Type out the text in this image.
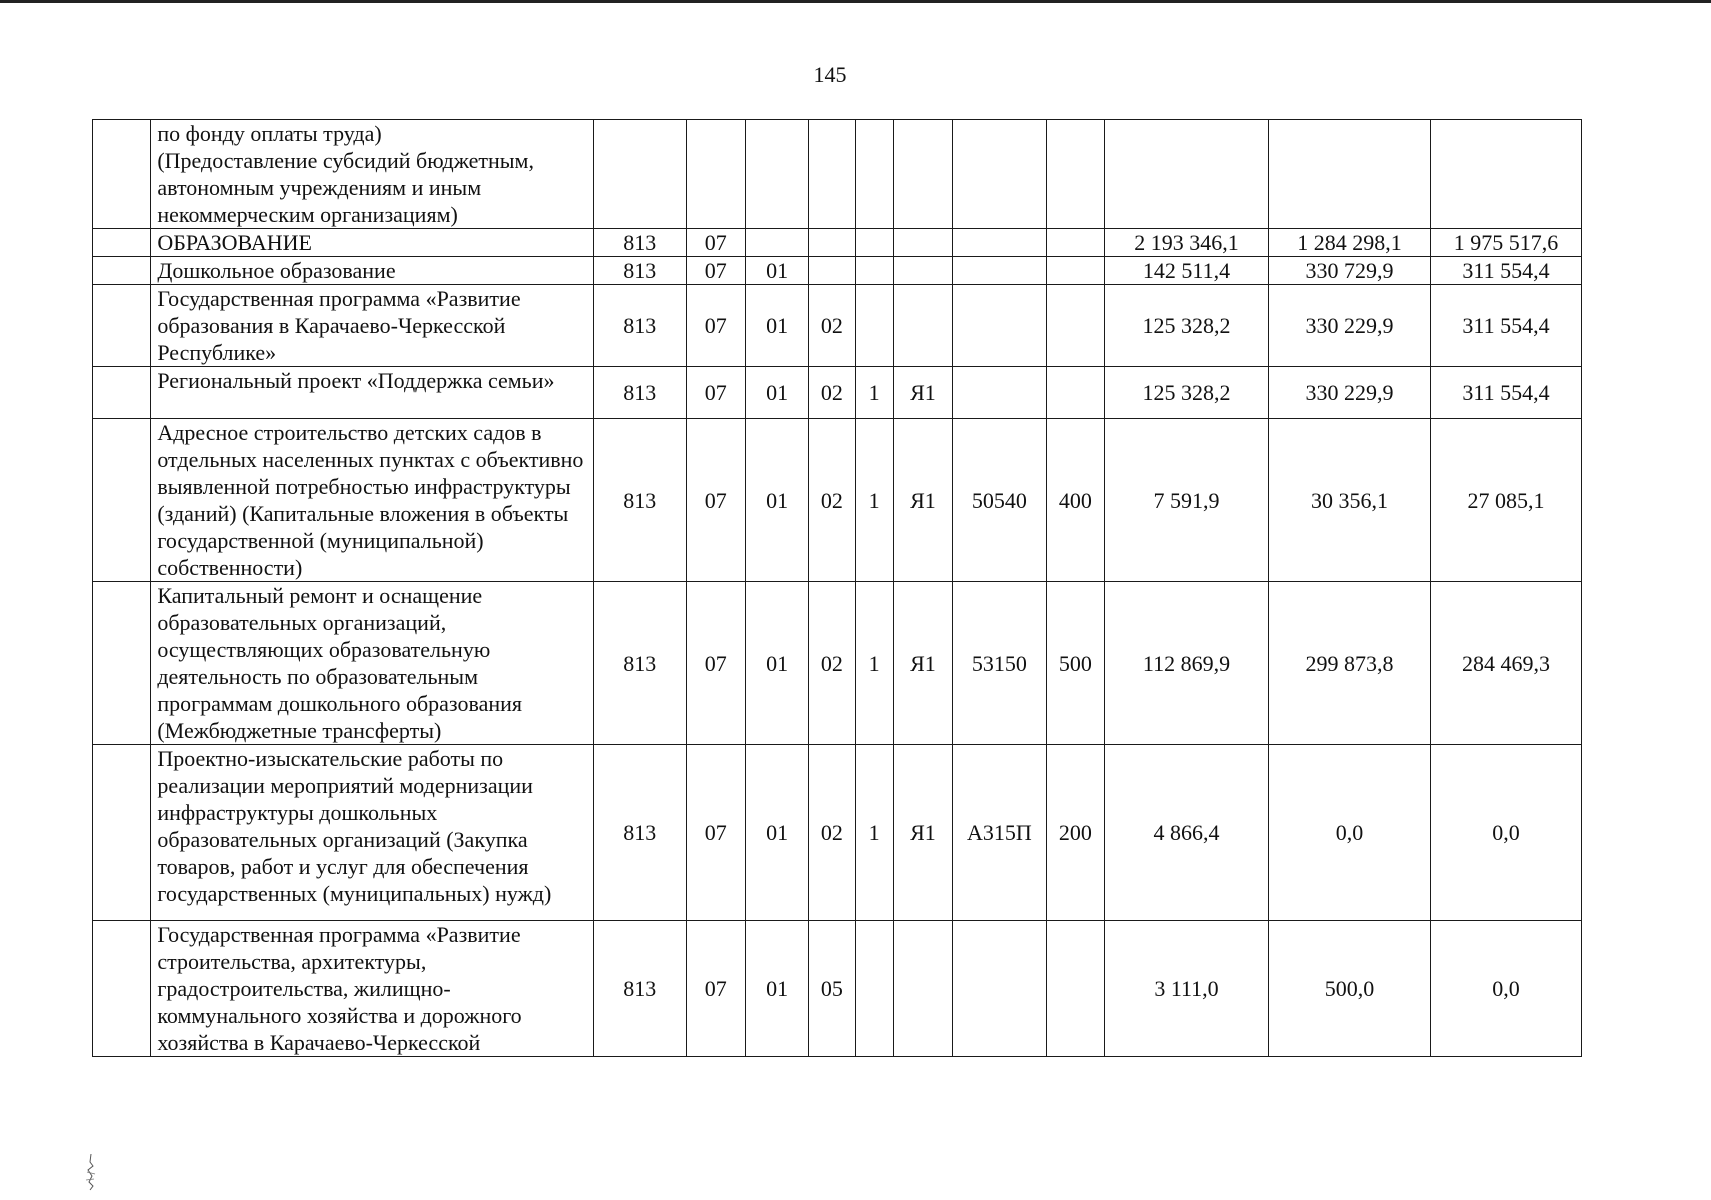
145
	по фонду оплаты труда)
(Предоставление субсидий бюджетным, автономным учреждениям и иным некоммерческим организациям)											
	ОБРАЗОВАНИЕ	813	07							2 193 346,1	1 284 298,1	1 975 517,6
	Дошкольное образование	813	07	01						142 511,4	330 729,9	311 554,4
	Государственная программа «Развитие образования в Карачаево-Черкесской Республике»	813	07	01	02					125 328,2	330 229,9	311 554,4
	Региональный проект «Поддержка семьи»	813	07	01	02	1	Я1			125 328,2	330 229,9	311 554,4
	Адресное строительство детских садов в отдельных населенных пунктах с объективно выявленной потребностью инфраструктуры (зданий) (Капитальные вложения в объекты государственной (муниципальной) собственности)	813	07	01	02	1	Я1	50540	400	7 591,9	30 356,1	27 085,1
	Капитальный ремонт и оснащение образовательных организаций, осуществляющих образовательную деятельность по образовательным программам дошкольного образования (Межбюджетные трансферты)	813	07	01	02	1	Я1	53150	500	112 869,9	299 873,8	284 469,3
	Проектно-изыскательские работы по реализации мероприятий модернизации инфраструктуры дошкольных образовательных организаций (Закупка товаров, работ и услуг для обеспечения государственных (муниципальных) нужд)	813	07	01	02	1	Я1	А315П	200	4 866,4	0,0	0,0
	Государственная программа «Развитие строительства, архитектуры, градостроительства, жилищно-коммунального хозяйства и дорожного хозяйства в Карачаево-Черкесской	813	07	01	05					3 111,0	500,0	0,0
